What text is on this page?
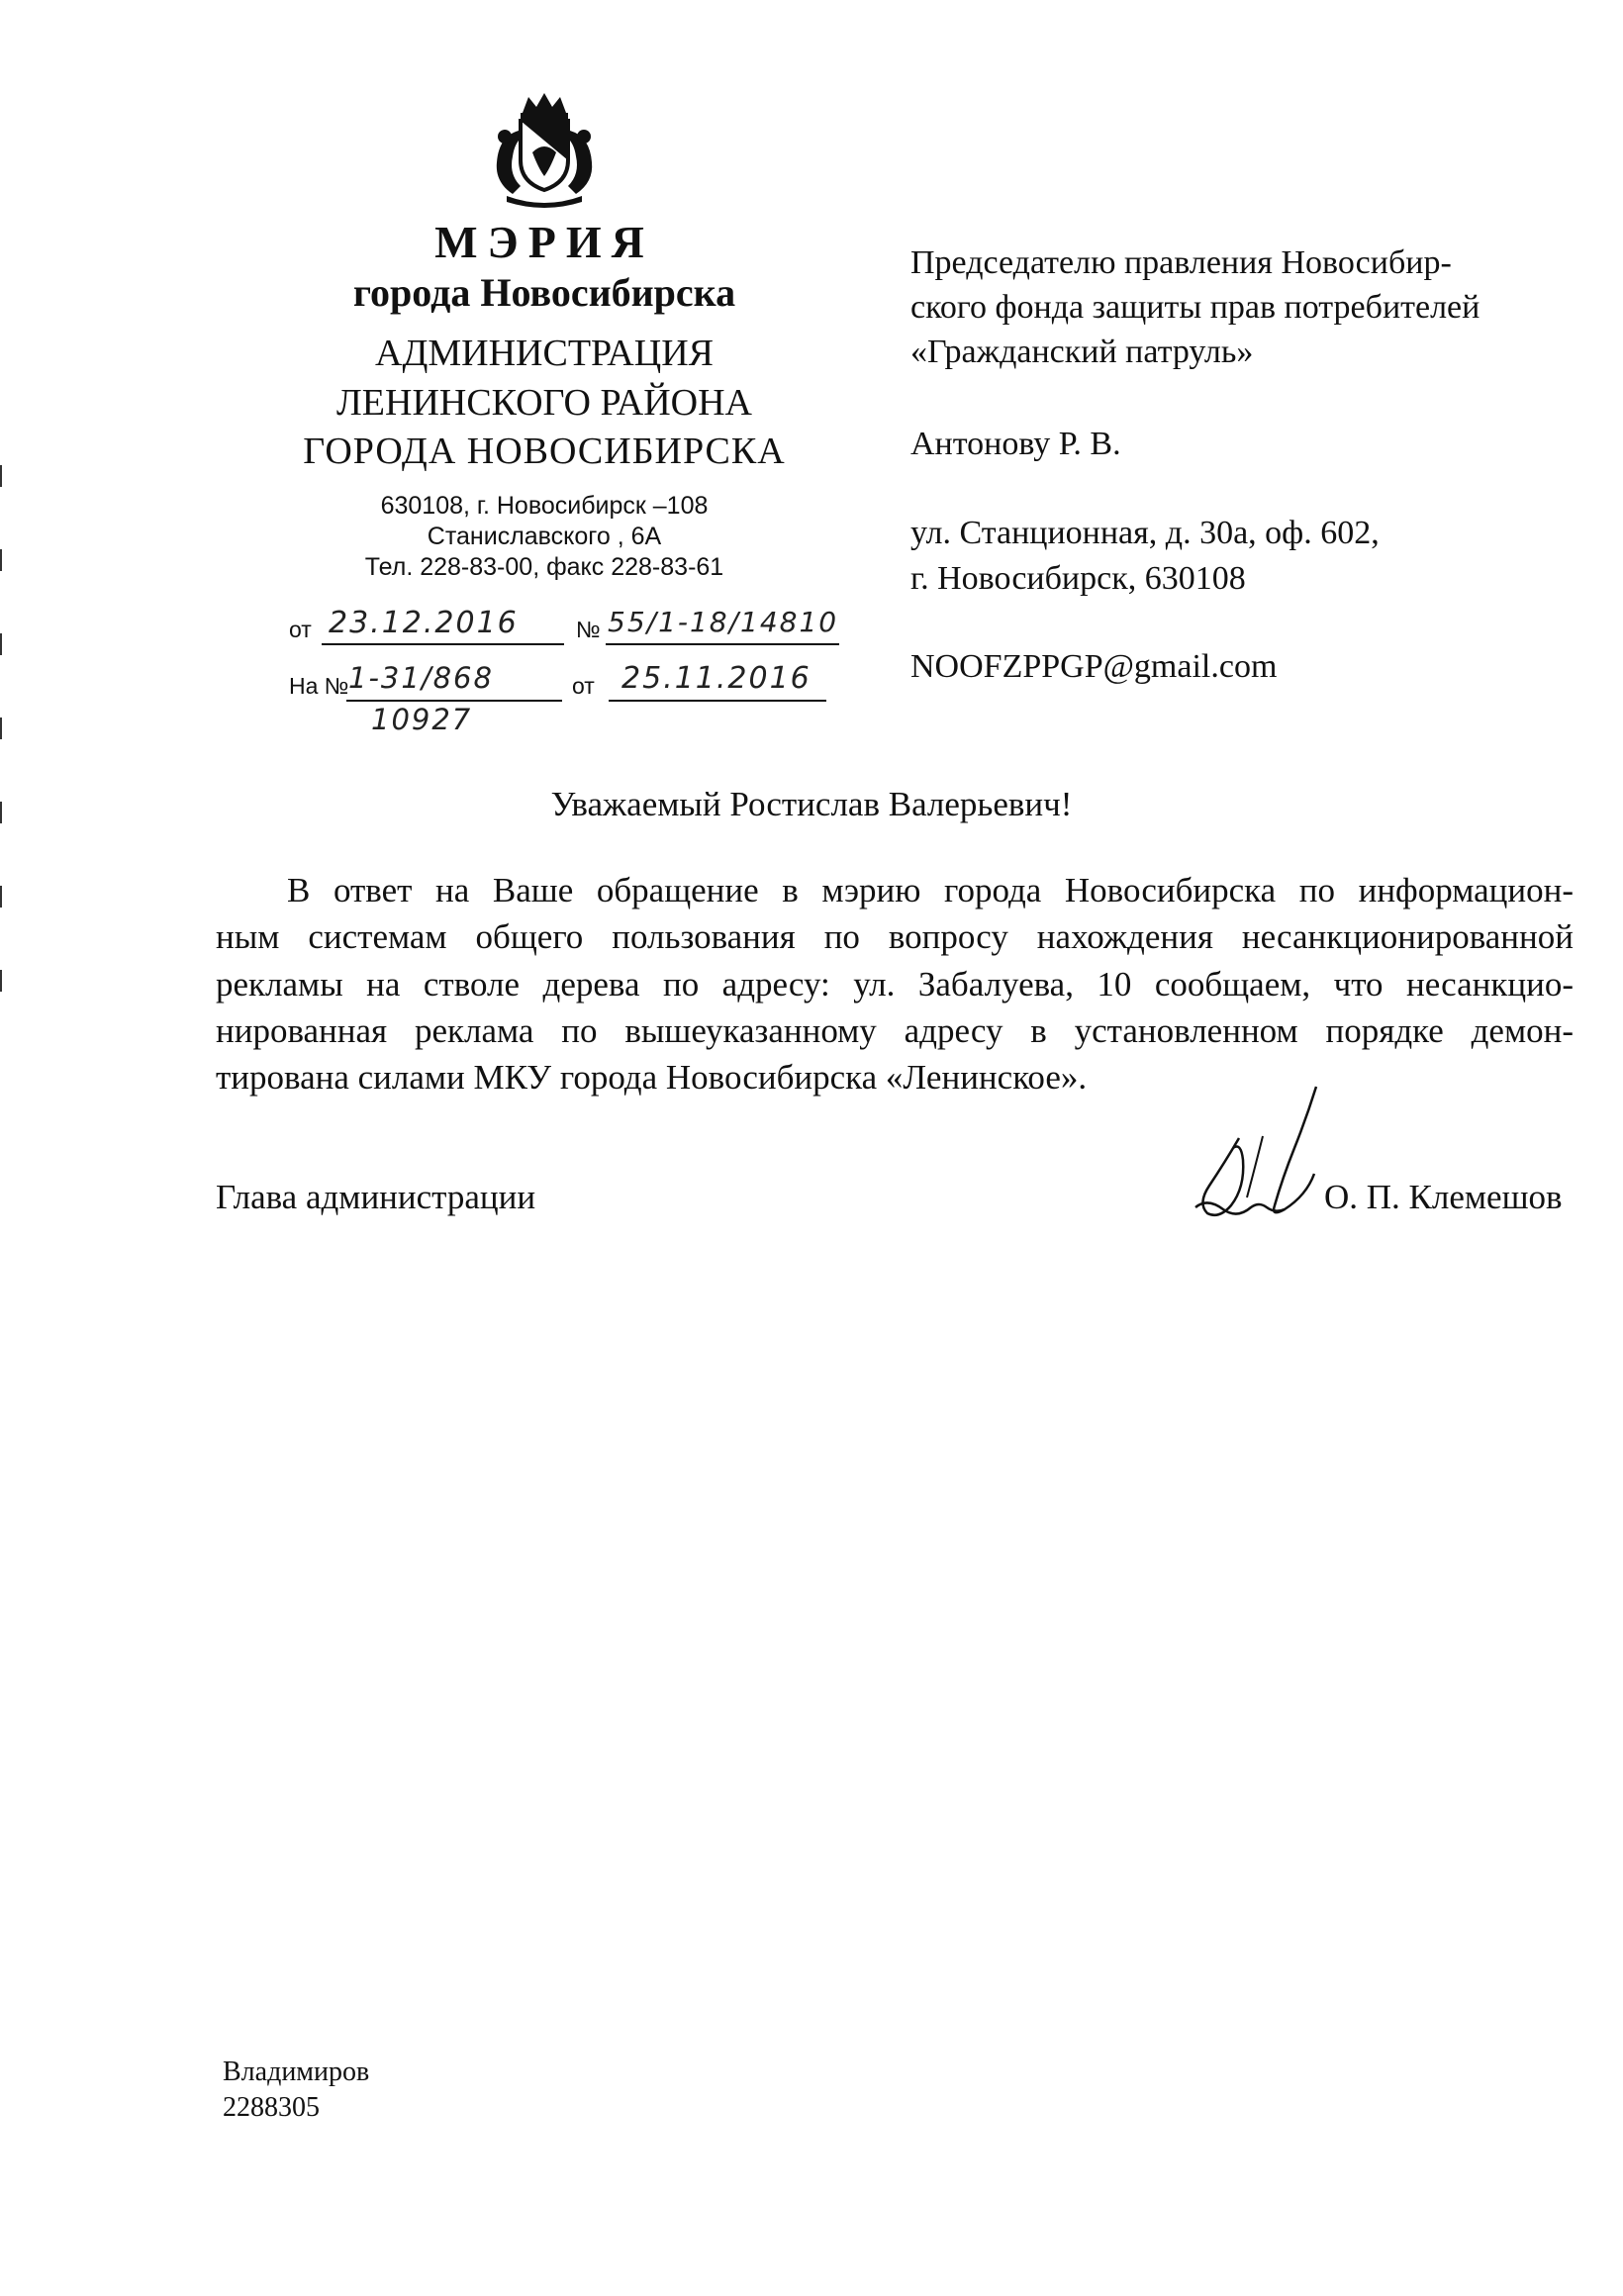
МЭРИЯ
города Новосибирска
АДМИНИСТРАЦИЯ
ЛЕНИНСКОГО РАЙОНА
ГОРОДА НОВОСИБИРСКА
630108, г. Новосибирск –108
Станиславского , 6А
Тел. 228-83-00, факс 228-83-61
от 23.12.2016	№ 55/1-18/14810
На № 1-31/868
10927
от 25.11.2016
Председателю правления Новосибир-
ского фонда защиты прав потребителей
«Гражданский патруль»
Антонову Р. В.
ул. Станционная, д. 30а, оф. 602,
г. Новосибирск, 630108
NOOFZPPGP@gmail.com
Уважаемый Ростислав Валерьевич!
В ответ на Ваше обращение в мэрию города Новосибирска по информацион-
ным системам общего пользования по вопросу нахождения несанкционированной
рекламы на стволе дерева по адресу: ул. Забалуева, 10 сообщаем, что несанкцио-
нированная реклама по вышеуказанному адресу в установленном порядке демон-
тирована силами МКУ города Новосибирска «Ленинское».
Глава администрации	О. П. Клемешов
Владимиров
2288305
